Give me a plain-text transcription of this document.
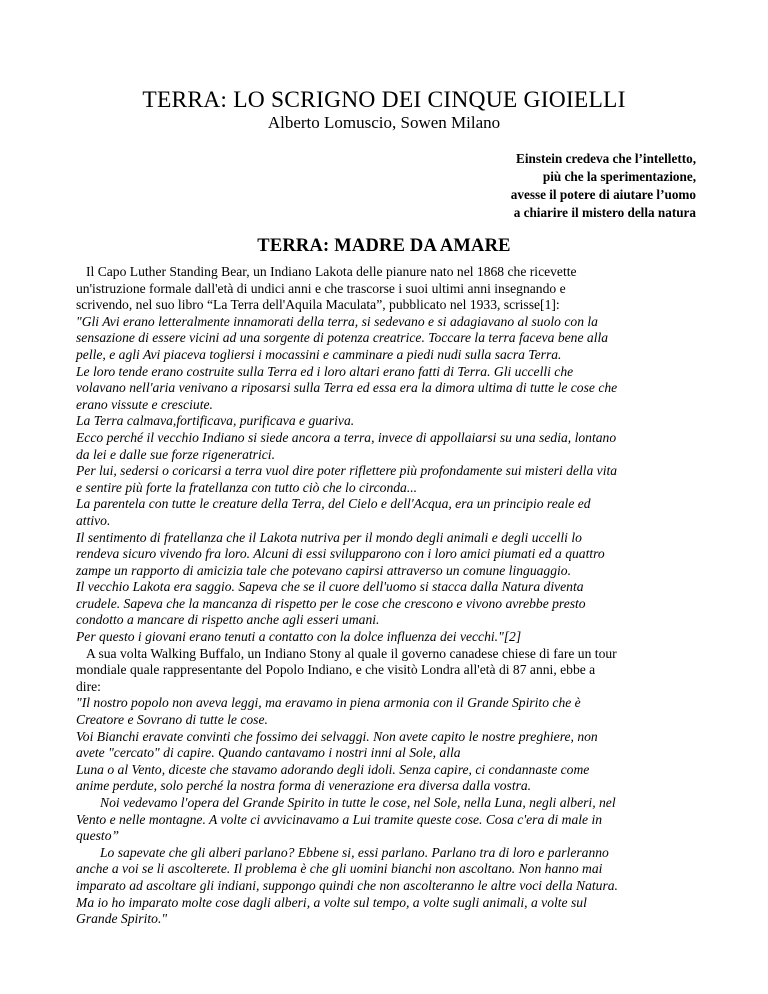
TERRA: LO SCRIGNO DEI CINQUE GIOIELLI

Alberto Lomuscio, Sowen Milano

Einstein credeva che l’intelletto,
più che la sperimentazione,
avesse il potere di aiutare l’uomo
a chiarire il mistero della natura

TERRA: MADRE DA AMARE
Il Capo Luther Standing Bear, un Indiano Lakota delle pianure nato nel 1868 che ricevette
un'istruzione formale dall'età di undici anni e che trascorse i suoi ultimi anni insegnando e
scrivendo, nel suo libro “La Terra dell'Aquila Maculata”, pubblicato nel 1933, scrisse[1]:
"Gli Avi erano letteralmente innamorati della terra, si sedevano e si adagiavano al suolo con la
sensazione di essere vicini ad una sorgente di potenza creatrice. Toccare la terra faceva bene alla
pelle, e agli Avi piaceva togliersi i mocassini e camminare a piedi nudi sulla sacra Terra.
Le loro tende erano costruite sulla Terra ed i loro altari erano fatti di Terra. Gli uccelli che
volavano nell'aria venivano a riposarsi sulla Terra ed essa era la dimora ultima di tutte le cose che
erano vissute e cresciute.
La Terra calmava,fortificava, purificava e guariva.
Ecco perché il vecchio Indiano si siede ancora a terra, invece di appollaiarsi su una sedia, lontano
da lei e dalle sue forze rigeneratrici.
Per lui, sedersi o coricarsi a terra vuol dire poter riflettere più profondamente sui misteri della vita
e sentire più forte la fratellanza con tutto ciò che lo circonda...
La parentela con tutte le creature della Terra, del Cielo e dell'Acqua, era un principio reale ed
attivo.
Il sentimento di fratellanza che il Lakota nutriva per il mondo degli animali e degli uccelli lo
rendeva sicuro vivendo fra loro. Alcuni di essi svilupparono con i loro amici piumati ed a quattro
zampe un rapporto di amicizia tale che potevano capirsi attraverso un comune linguaggio.
Il vecchio Lakota era saggio. Sapeva che se il cuore dell'uomo si stacca dalla Natura diventa
crudele. Sapeva che la mancanza di rispetto per le cose che crescono e vivono avrebbe presto
condotto a mancare di rispetto anche agli esseri umani.
Per questo i giovani erano tenuti a contatto con la dolce influenza dei vecchi."[2]
A sua volta Walking Buffalo, un Indiano Stony al quale il governo canadese chiese di fare un tour
mondiale quale rappresentante del Popolo Indiano, e che visitò Londra all'età di 87 anni, ebbe a
dire:
"Il nostro popolo non aveva leggi, ma eravamo in piena armonia con il Grande Spirito che è
Creatore e Sovrano di tutte le cose.
Voi Bianchi eravate convinti che fossimo dei selvaggi. Non avete capito le nostre preghiere, non
avete "cercato" di capire. Quando cantavamo i nostri inni al Sole, alla
Luna o al Vento, diceste che stavamo adorando degli idoli. Senza capire, ci condannaste come
anime perdute, solo perché la nostra forma di venerazione era diversa dalla vostra.
Noi vedevamo l'opera del Grande Spirito in tutte le cose, nel Sole, nella Luna, negli alberi, nel
Vento e nelle montagne. A volte ci avvicinavamo a Lui tramite queste cose. Cosa c'era di male in
questo”
Lo sapevate che gli alberi parlano? Ebbene si, essi parlano. Parlano tra di loro e parleranno
anche a voi se li ascolterete. Il problema è che gli uomini bianchi non ascoltano. Non hanno mai
imparato ad ascoltare gli indiani, suppongo quindi che non ascolteranno le altre voci della Natura.
Ma io ho imparato molte cose dagli alberi, a volte sul tempo, a volte sugli animali, a volte sul
Grande Spirito."
